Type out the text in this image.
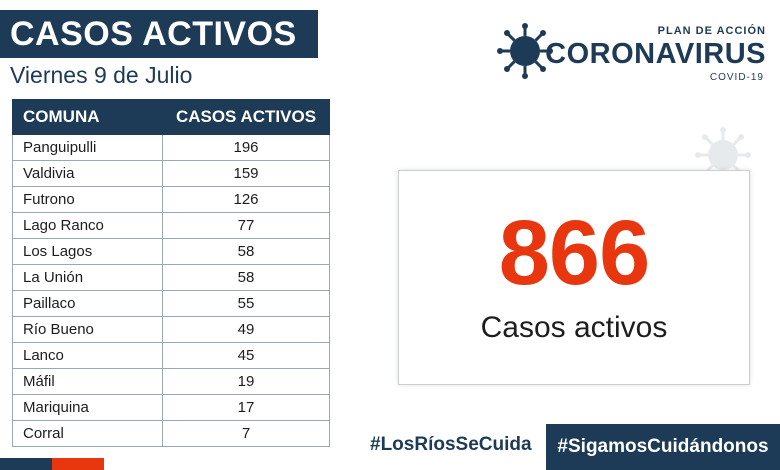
CASOS ACTIVOS
Viernes 9 de Julio
COMUNA	CASOS ACTIVOS
Panguipulli	196
Valdivia	159
Futrono	126
Lago Ranco	77
Los Lagos	58
La Unión	58
Paillaco	55
Río Bueno	49
Lanco	45
Máfil	19
Mariquina	17
Corral	7
PLAN DE ACCIÓN
CORONAVIRUS
COVID-19
866
Casos activos
#LosRíosSeCuida #SigamosCuidándonos
